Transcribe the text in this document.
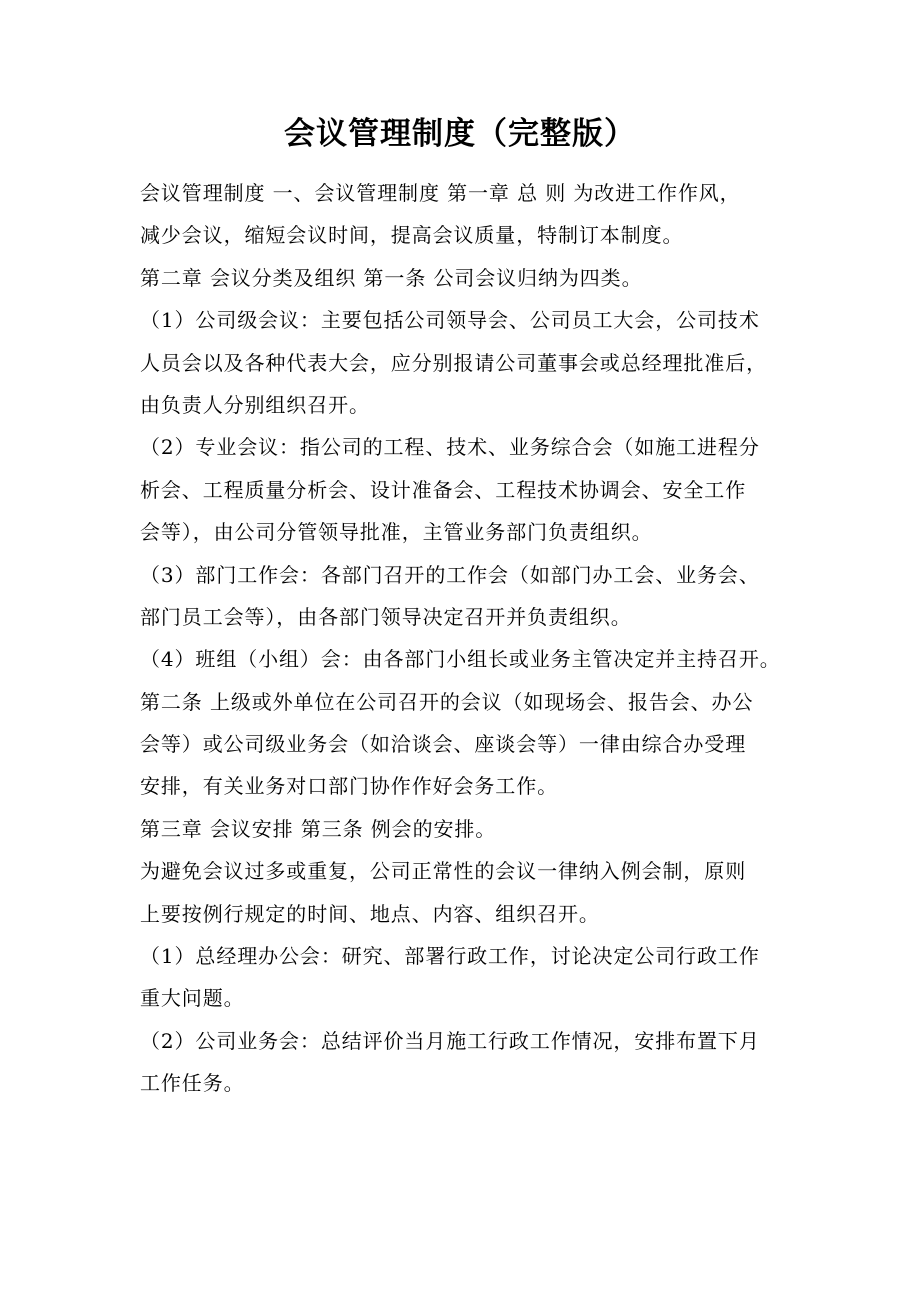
会议管理制度（完整版）
会议管理制度 一、会议管理制度 第一章 总 则 为改进工作作风，
减少会议，缩短会议时间，提高会议质量，特制订本制度。
第二章 会议分类及组织 第一条 公司会议归纳为四类。
（1）公司级会议：主要包括公司领导会、公司员工大会，公司技术
人员会以及各种代表大会，应分别报请公司董事会或总经理批准后，
由负责人分别组织召开。
（2）专业会议：指公司的工程、技术、业务综合会（如施工进程分
析会、工程质量分析会、设计准备会、工程技术协调会、安全工作
会等），由公司分管领导批准，主管业务部门负责组织。
（3）部门工作会：各部门召开的工作会（如部门办工会、业务会、
部门员工会等），由各部门领导决定召开并负责组织。
（4）班组（小组）会：由各部门小组长或业务主管决定并主持召开。
第二条 上级或外单位在公司召开的会议（如现场会、报告会、办公
会等）或公司级业务会（如洽谈会、座谈会等）一律由综合办受理
安排，有关业务对口部门协作作好会务工作。
第三章 会议安排 第三条 例会的安排。
为避免会议过多或重复，公司正常性的会议一律纳入例会制，原则
上要按例行规定的时间、地点、内容、组织召开。
（1）总经理办公会：研究、部署行政工作，讨论决定公司行政工作
重大问题。
（2）公司业务会：总结评价当月施工行政工作情况，安排布置下月
工作任务。
